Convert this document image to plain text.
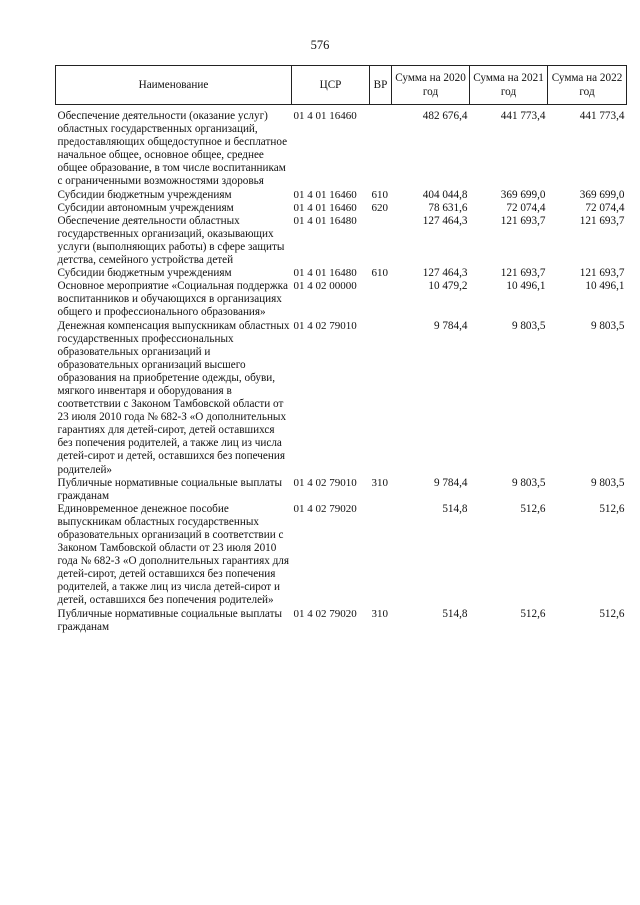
576
Наименование	ЦСР	ВР	Сумма на 2020 год	Сумма на 2021 год	Сумма на 2022 год
Обеспечение деятельности (оказание услуг) областных государственных организаций, предоставляющих общедоступное и бесплатное начальное общее, основное общее, среднее общее образование, в том числе воспитанникам с ограниченными возможностями здоровья	01 4 01 16460		482 676,4	441 773,4	441 773,4
Субсидии бюджетным учреждениям	01 4 01 16460	610	404 044,8	369 699,0	369 699,0
Субсидии автономным учреждениям	01 4 01 16460	620	78 631,6	72 074,4	72 074,4
Обеспечение деятельности областных государственных организаций, оказывающих услуги (выполняющих работы) в сфере защиты детства, семейного устройства детей	01 4 01 16480		127 464,3	121 693,7	121 693,7
Субсидии бюджетным учреждениям	01 4 01 16480	610	127 464,3	121 693,7	121 693,7
Основное мероприятие «Социальная поддержка воспитанников и обучающихся в организациях общего и профессионального образования»	01 4 02 00000		10 479,2	10 496,1	10 496,1
Денежная компенсация выпускникам областных государственных профессиональных образовательных организаций и образовательных организаций высшего образования на приобретение одежды, обуви, мягкого инвентаря и оборудования в соответствии с Законом Тамбовской области от 23 июля 2010 года № 682-З «О дополнительных гарантиях для детей-сирот, детей оставшихся без попечения родителей, а также лиц из числа детей-сирот и детей, оставшихся без попечения родителей»	01 4 02 79010		9 784,4	9 803,5	9 803,5
Публичные нормативные социальные выплаты гражданам	01 4 02 79010	310	9 784,4	9 803,5	9 803,5
Единовременное денежное пособие выпускникам областных государственных образовательных организаций в соответствии с Законом Тамбовской области от 23 июля 2010 года № 682-З «О дополнительных гарантиях для детей-сирот, детей оставшихся без попечения родителей, а также лиц из числа детей-сирот и детей, оставшихся без попечения родителей»	01 4 02 79020		514,8	512,6	512,6
Публичные нормативные социальные выплаты гражданам	01 4 02 79020	310	514,8	512,6	512,6
